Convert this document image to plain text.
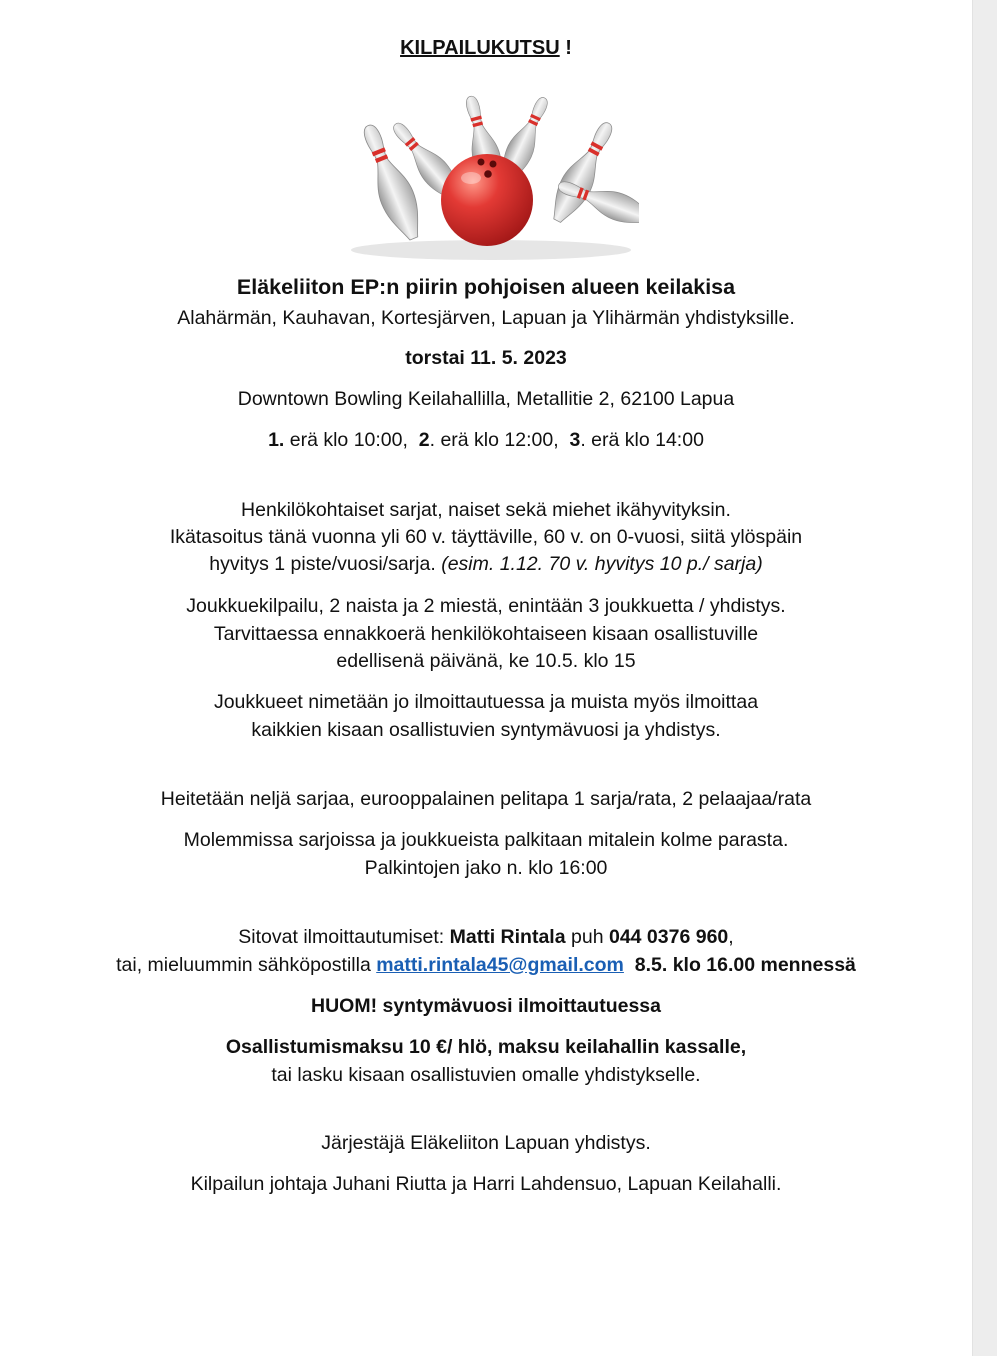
KILPAILUKUTSU !
Eläkeliiton EP:n piirin pohjoisen alueen keilakisa
Alahärmän, Kauhavan, Kortesjärven, Lapuan ja Ylihärmän yhdistyksille.
torstai 11. 5. 2023
Downtown Bowling Keilahallilla, Metallitie 2, 62100 Lapua
1. erä klo 10:00, 2. erä klo 12:00, 3. erä klo 14:00
Henkilökohtaiset sarjat, naiset sekä miehet ikähyvityksin.
Ikätasoitus tänä vuonna yli 60 v. täyttäville, 60 v. on 0-vuosi, siitä ylöspäin
hyvitys 1 piste/vuosi/sarja. (esim. 1.12. 70 v. hyvitys 10 p./ sarja)
Joukkuekilpailu, 2 naista ja 2 miestä, enintään 3 joukkuetta / yhdistys.
Tarvittaessa ennakkoerä henkilökohtaiseen kisaan osallistuville
edellisenä päivänä, ke 10.5. klo 15
Joukkueet nimetään jo ilmoittautuessa ja muista myös ilmoittaa
kaikkien kisaan osallistuvien syntymävuosi ja yhdistys.
Heitetään neljä sarjaa, eurooppalainen pelitapa 1 sarja/rata, 2 pelaajaa/rata
Molemmissa sarjoissa ja joukkueista palkitaan mitalein kolme parasta.
Palkintojen jako n. klo 16:00
Sitovat ilmoittautumiset: Matti Rintala puh 044 0376 960,
tai, mieluummin sähköpostilla matti.rintala45@gmail.com 8.5. klo 16.00 mennessä
HUOM! syntymävuosi ilmoittautuessa
Osallistumismaksu 10 €/ hlö, maksu keilahallin kassalle,
tai lasku kisaan osallistuvien omalle yhdistykselle.
Järjestäjä Eläkeliiton Lapuan yhdistys.
Kilpailun johtaja Juhani Riutta ja Harri Lahdensuo, Lapuan Keilahalli.
